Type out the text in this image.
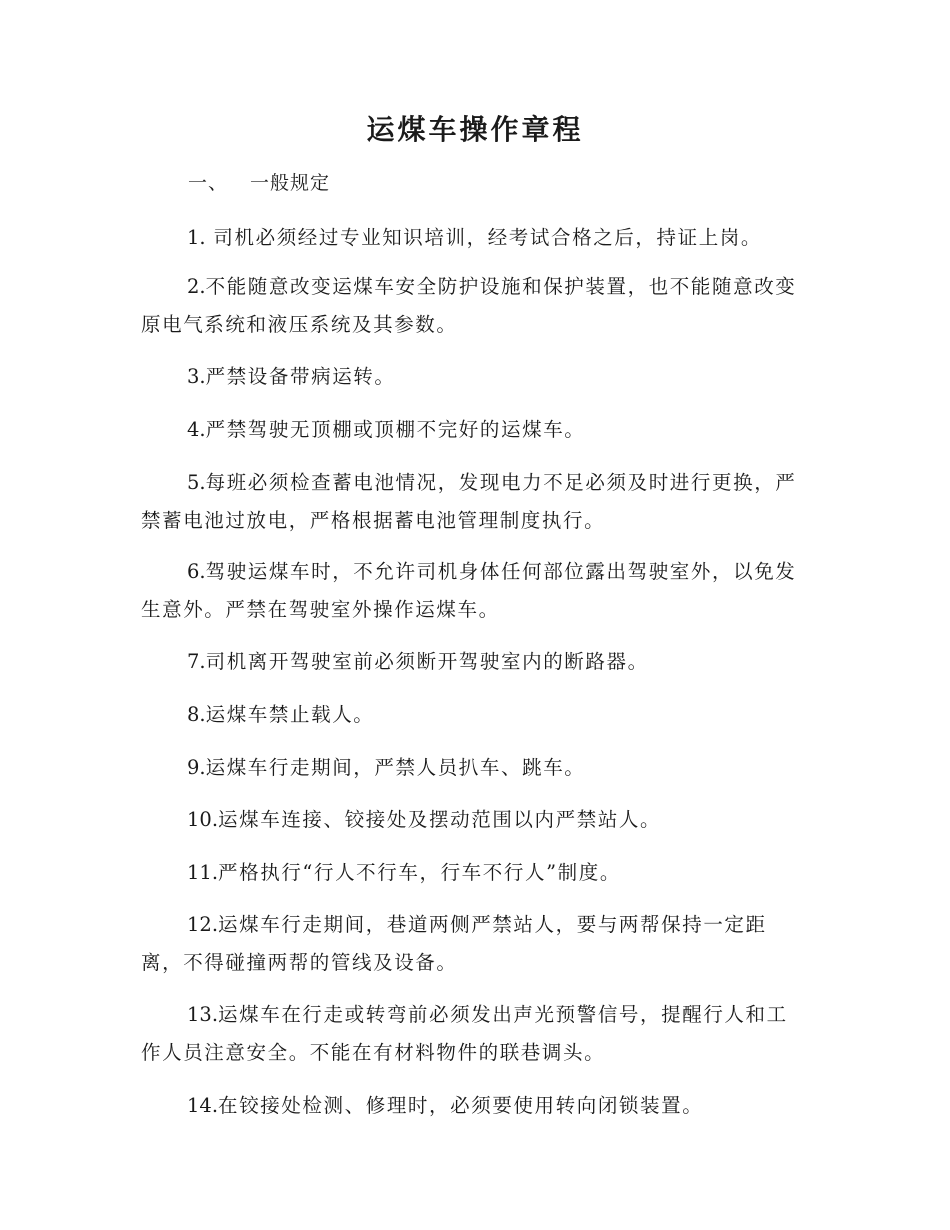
运煤车操作章程
一、 一般规定

1. 司机必须经过专业知识培训，经考试合格之后，持证上岗。

2.不能随意改变运煤车安全防护设施和保护装置，也不能随意改变原电气系统和液压系统及其参数。

3.严禁设备带病运转。

4.严禁驾驶无顶棚或顶棚不完好的运煤车。

5.每班必须检查蓄电池情况，发现电力不足必须及时进行更换，严禁蓄电池过放电，严格根据蓄电池管理制度执行。

6.驾驶运煤车时，不允许司机身体任何部位露出驾驶室外，以免发生意外。严禁在驾驶室外操作运煤车。

7.司机离开驾驶室前必须断开驾驶室内的断路器。

8.运煤车禁止载人。

9.运煤车行走期间，严禁人员扒车、跳车。

10.运煤车连接、铰接处及摆动范围以内严禁站人。

11.严格执行“行人不行车，行车不行人”制度。

12.运煤车行走期间，巷道两侧严禁站人，要与两帮保持一定距离，不得碰撞两帮的管线及设备。

13.运煤车在行走或转弯前必须发出声光预警信号，提醒行人和工作人员注意安全。不能在有材料物件的联巷调头。

14.在铰接处检测、修理时，必须要使用转向闭锁装置。
